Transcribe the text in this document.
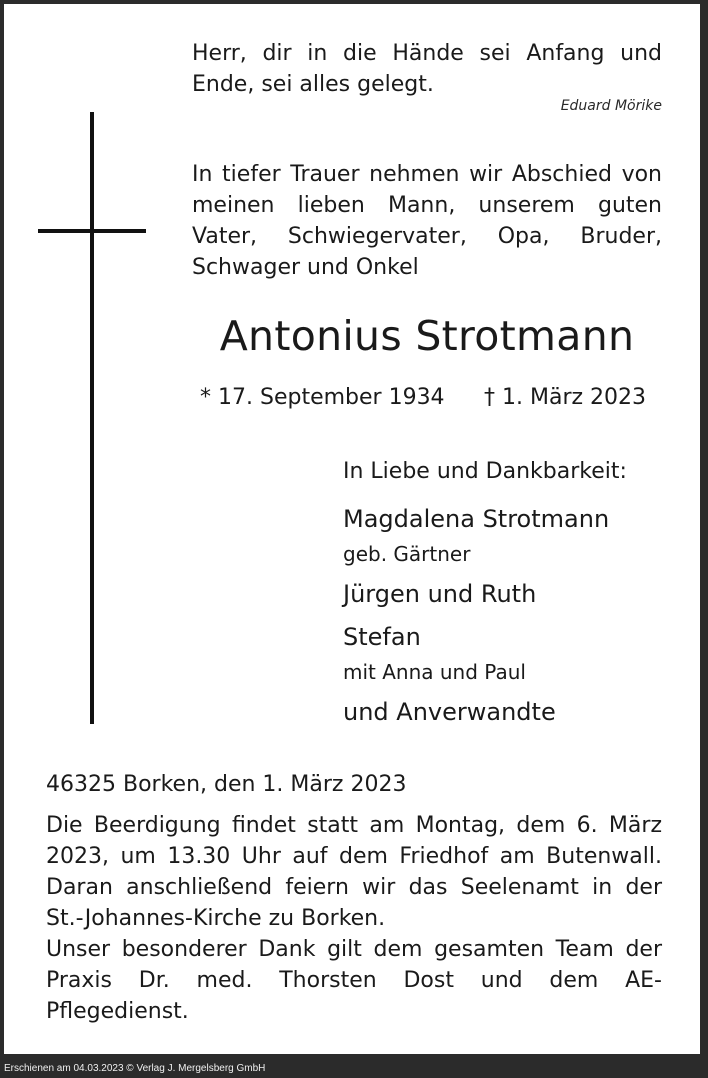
Herr, dir in die Hände sei Anfang und Ende, sei alles gelegt.
Eduard Mörike
In tiefer Trauer nehmen wir Abschied von meinen lieben Mann, unserem guten Vater, Schwiegervater, Opa, Bruder, Schwager und Onkel
Antonius Strotmann
* 17. September 1934 † 1. März 2023
In Liebe und Dankbarkeit:
Magdalena Strotmann
geb. Gärtner
Jürgen und Ruth
Stefan
mit Anna und Paul
und Anverwandte
46325 Borken, den 1. März 2023

Die Beerdigung findet statt am Montag, dem 6. März 2023, um 13.30 Uhr auf dem Friedhof am Butenwall. Daran anschließend feiern wir das Seelenamt in der St.-Johannes-Kirche zu Borken.

Unser besonderer Dank gilt dem gesamten Team der Praxis Dr. med. Thorsten Dost und dem AE-Pflegedienst.

Erschienen am 04.03.2023 © Verlag J. Mergelsberg GmbH
